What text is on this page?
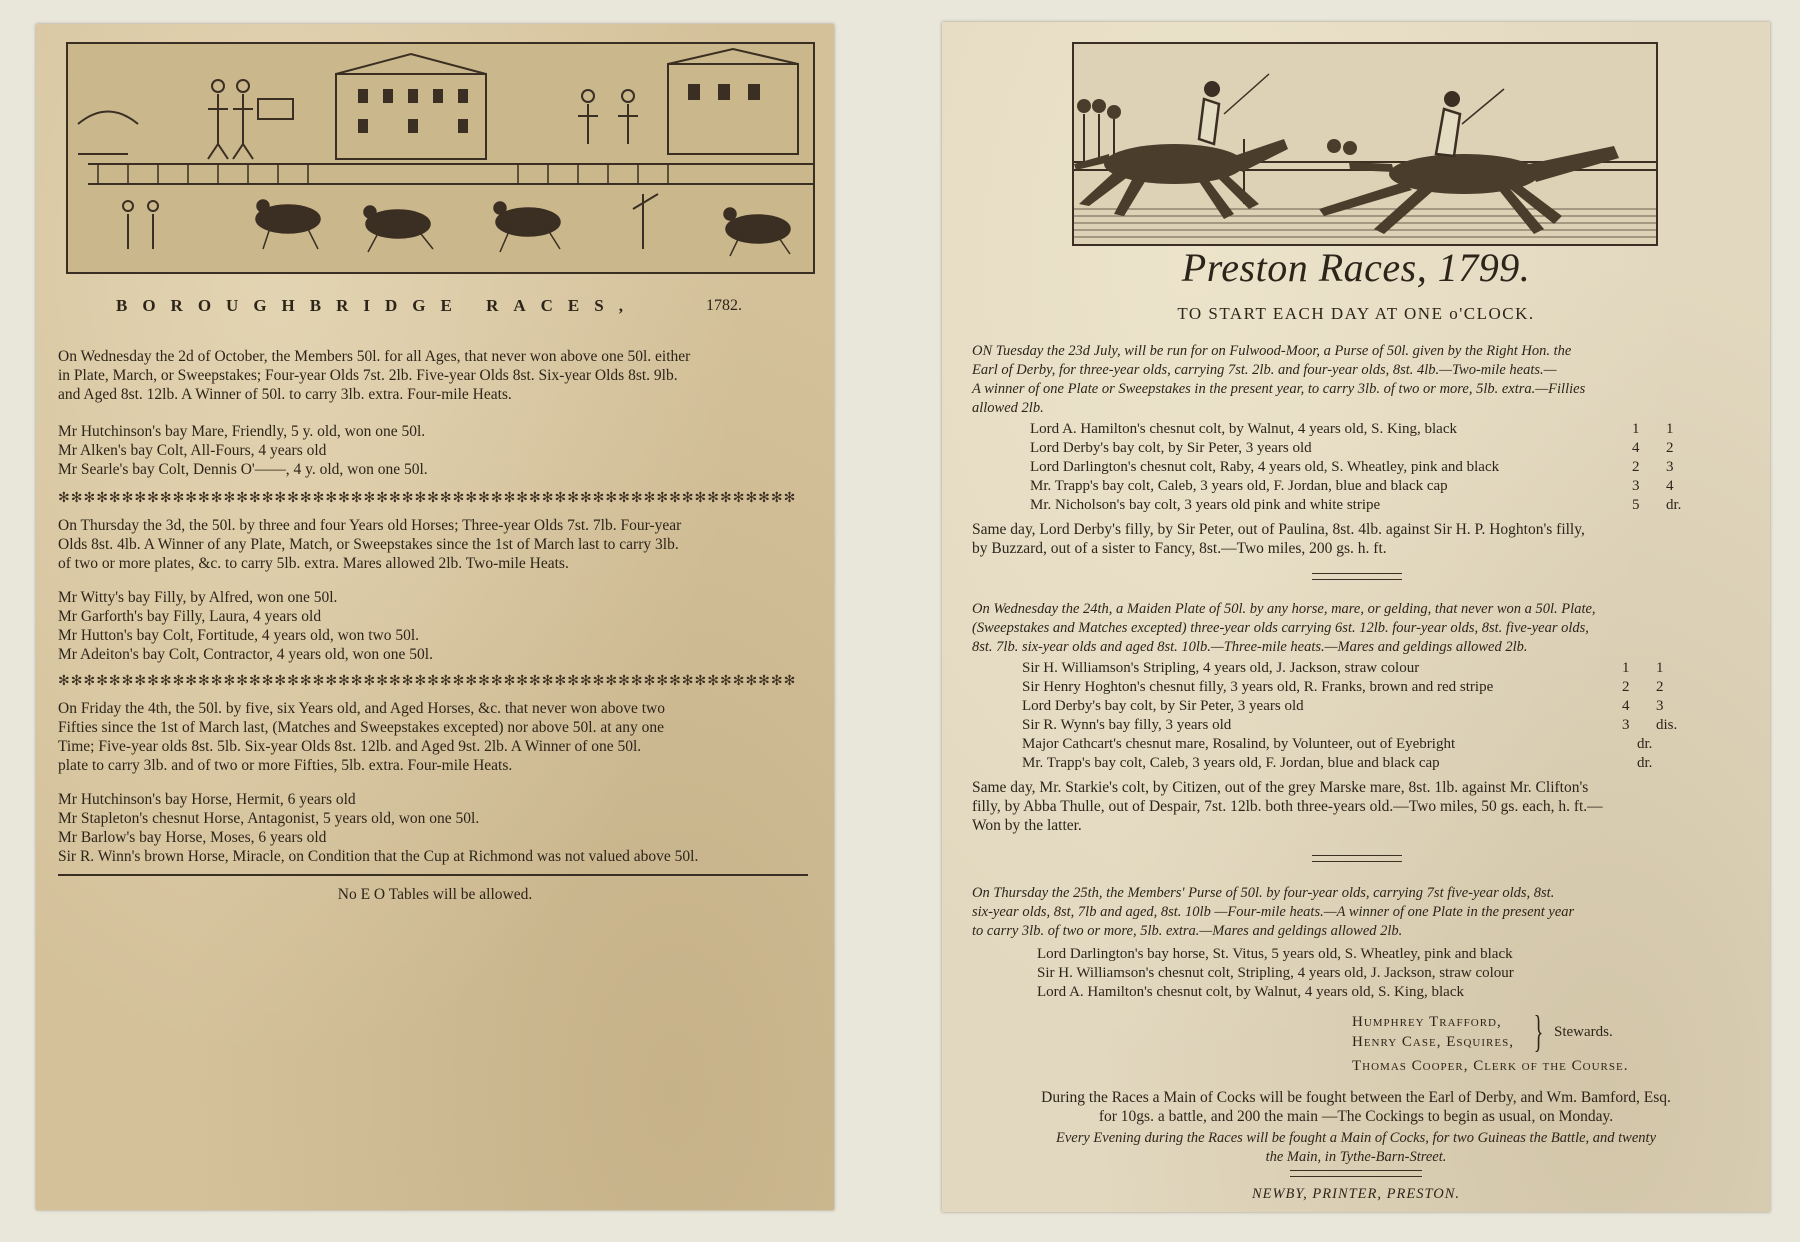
BOROUGHBRIDGE RACES,	1782.
On Wednesday the 2d of October, the Members 50l. for all Ages, that never won above one 50l. either
in Plate, March, or Sweepstakes; Four-year Olds 7st. 2lb. Five-year Olds 8st. Six-year Olds 8st. 9lb.
and Aged 8st. 12lb. A Winner of 50l. to carry 3lb. extra. Four-mile Heats.
Mr Hutchinson's bay Mare, Friendly, 5 y. old, won one 50l.
Mr Alken's bay Colt, All-Fours, 4 years old
Mr Searle's bay Colt, Dennis O'——, 4 y. old, won one 50l.
✻✻✻✻✻✻✻✻✻✻✻✻✻✻✻✻✻✻✻✻✻✻✻✻✻✻✻✻✻✻✻✻✻✻✻✻✻✻✻✻✻✻✻✻✻✻✻✻✻✻✻✻✻✻✻✻✻✻
On Thursday the 3d, the 50l. by three and four Years old Horses; Three-year Olds 7st. 7lb. Four-year
Olds 8st. 4lb. A Winner of any Plate, Match, or Sweepstakes since the 1st of March last to carry 3lb.
of two or more plates, &c. to carry 5lb. extra. Mares allowed 2lb. Two-mile Heats.
Mr Witty's bay Filly, by Alfred, won one 50l.
Mr Garforth's bay Filly, Laura, 4 years old
Mr Hutton's bay Colt, Fortitude, 4 years old, won two 50l.
Mr Adeiton's bay Colt, Contractor, 4 years old, won one 50l.
✻✻✻✻✻✻✻✻✻✻✻✻✻✻✻✻✻✻✻✻✻✻✻✻✻✻✻✻✻✻✻✻✻✻✻✻✻✻✻✻✻✻✻✻✻✻✻✻✻✻✻✻✻✻✻✻✻✻
On Friday the 4th, the 50l. by five, six Years old, and Aged Horses, &c. that never won above two
Fifties since the 1st of March last, (Matches and Sweepstakes excepted) nor above 50l. at any one
Time; Five-year olds 8st. 5lb. Six-year Olds 8st. 12lb. and Aged 9st. 2lb. A Winner of one 50l.
plate to carry 3lb. and of two or more Fifties, 5lb. extra. Four-mile Heats.
Mr Hutchinson's bay Horse, Hermit, 6 years old
Mr Stapleton's chesnut Horse, Antagonist, 5 years old, won one 50l.
Mr Barlow's bay Horse, Moses, 6 years old
Sir R. Winn's brown Horse, Miracle, on Condition that the Cup at Richmond was not valued above 50l.
No E O Tables will be allowed.
Preston Races, 1799.
TO START EACH DAY AT ONE o'CLOCK.
ON Tuesday the 23d July, will be run for on Fulwood-Moor, a Purse of 50l. given by the Right Hon. the
Earl of Derby, for three-year olds, carrying 7st. 2lb. and four-year olds, 8st. 4lb.—Two-mile heats.—
A winner of one Plate or Sweepstakes in the present year, to carry 3lb. of two or more, 5lb. extra.—Fillies
allowed 2lb.
Lord A. Hamilton's chesnut colt, by Walnut, 4 years old, S. King, black	1 1
Lord Derby's bay colt, by Sir Peter, 3 years old	4 2
Lord Darlington's chesnut colt, Raby, 4 years old, S. Wheatley, pink and black	2 3
Mr. Trapp's bay colt, Caleb, 3 years old, F. Jordan, blue and black cap	3 4
Mr. Nicholson's bay colt, 3 years old pink and white stripe	5 dr.
Same day, Lord Derby's filly, by Sir Peter, out of Paulina, 8st. 4lb. against Sir H. P. Hoghton's filly,
by Buzzard, out of a sister to Fancy, 8st.—Two miles, 200 gs. h. ft.
On Wednesday the 24th, a Maiden Plate of 50l. by any horse, mare, or gelding, that never won a 50l. Plate,
(Sweepstakes and Matches excepted) three-year olds carrying 6st. 12lb. four-year olds, 8st. five-year olds,
8st. 7lb. six-year olds and aged 8st. 10lb.—Three-mile heats.—Mares and geldings allowed 2lb.
Sir H. Williamson's Stripling, 4 years old, J. Jackson, straw colour	1 1
Sir Henry Hoghton's chesnut filly, 3 years old, R. Franks, brown and red stripe	2 2
Lord Derby's bay colt, by Sir Peter, 3 years old	4 3
Sir R. Wynn's bay filly, 3 years old	3 dis.
Major Cathcart's chesnut mare, Rosalind, by Volunteer, out of Eyebright	dr.
Mr. Trapp's bay colt, Caleb, 3 years old, F. Jordan, blue and black cap	dr.
Same day, Mr. Starkie's colt, by Citizen, out of the grey Marske mare, 8st. 1lb. against Mr. Clifton's
filly, by Abba Thulle, out of Despair, 7st. 12lb. both three-years old.—Two miles, 50 gs. each, h. ft.—
Won by the latter.
On Thursday the 25th, the Members' Purse of 50l. by four-year olds, carrying 7st five-year olds, 8st.
six-year olds, 8st, 7lb and aged, 8st. 10lb —Four-mile heats.—A winner of one Plate in the present year
to carry 3lb. of two or more, 5lb. extra.—Mares and geldings allowed 2lb.
Lord Darlington's bay horse, St. Vitus, 5 years old, S. Wheatley, pink and black
Sir H. Williamson's chesnut colt, Stripling, 4 years old, J. Jackson, straw colour
Lord A. Hamilton's chesnut colt, by Walnut, 4 years old, S. King, black
Humphrey Trafford,
Henry Case, Esquires, } Stewards.
Thomas Cooper, Clerk of the Course.
During the Races a Main of Cocks will be fought between the Earl of Derby, and Wm. Bamford, Esq.
for 10gs. a battle, and 200 the main —The Cockings to begin as usual, on Monday.
Every Evening during the Races will be fought a Main of Cocks, for two Guineas the Battle, and twenty
the Main, in Tythe-Barn-Street.
NEWBY, PRINTER, PRESTON.
